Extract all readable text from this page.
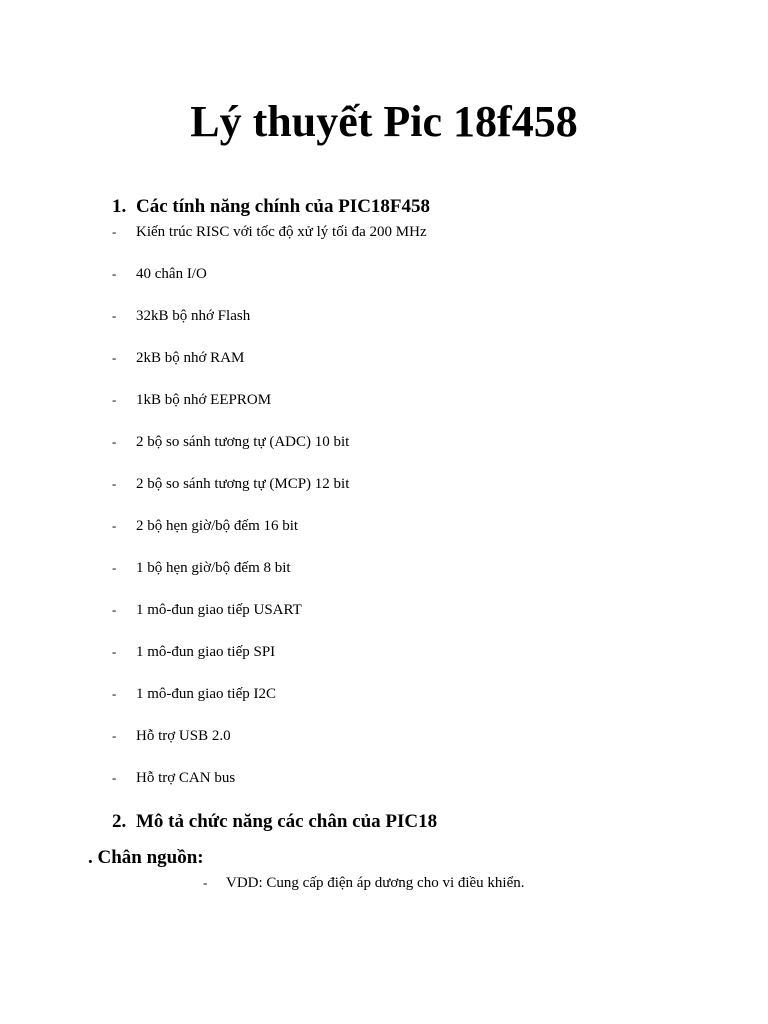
Lý thuyết Pic 18f458
1. Các tính năng chính của PIC18F458
- Kiến trúc RISC với tốc độ xử lý tối đa 200 MHz
- 40 chân I/O
- 32kB bộ nhớ Flash
- 2kB bộ nhớ RAM
- 1kB bộ nhớ EEPROM
- 2 bộ so sánh tương tự (ADC) 10 bit
- 2 bộ so sánh tương tự (MCP) 12 bit
- 2 bộ hẹn giờ/bộ đếm 16 bit
- 1 bộ hẹn giờ/bộ đếm 8 bit
- 1 mô-đun giao tiếp USART
- 1 mô-đun giao tiếp SPI
- 1 mô-đun giao tiếp I2C
- Hỗ trợ USB 2.0
- Hỗ trợ CAN bus
2. Mô tả chức năng các chân của PIC18
. Chân nguồn:
- VDD: Cung cấp điện áp dương cho vi điều khiển.
